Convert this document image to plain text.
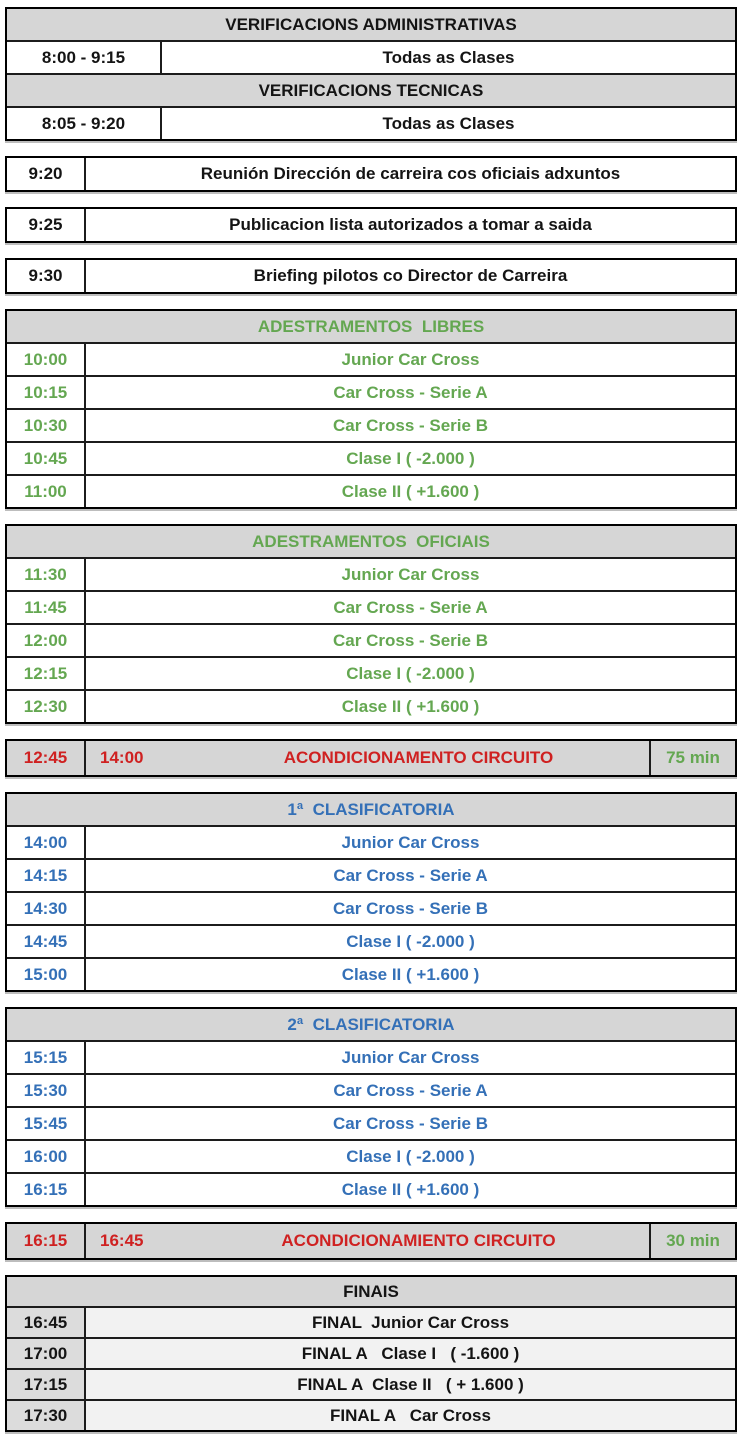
VERIFICACIONS ADMINISTRATIVAS
8:00 - 9:15	Todas as Clases
VERIFICACIONS TECNICAS
8:05 - 9:20	Todas as Clases
9:20	Reunión Dirección de carreira cos oficiais adxuntos
9:25	Publicacion lista autorizados a tomar a saida
9:30	Briefing pilotos co Director de Carreira
ADESTRAMENTOS  LIBRES
10:00	Junior Car Cross
10:15	Car Cross - Serie A
10:30	Car Cross - Serie B
10:45	Clase I ( -2.000 )
11:00	Clase II ( +1.600 )
ADESTRAMENTOS  OFICIAIS
11:30	Junior Car Cross
11:45	Car Cross - Serie A
12:00	Car Cross - Serie B
12:15	Clase I ( -2.000 )
12:30	Clase II ( +1.600 )
12:45	14:00	ACONDICIONAMENTO CIRCUITO	75 min
1ª  CLASIFICATORIA
14:00	Junior Car Cross
14:15	Car Cross - Serie A
14:30	Car Cross - Serie B
14:45	Clase I ( -2.000 )
15:00	Clase II ( +1.600 )
2ª  CLASIFICATORIA
15:15	Junior Car Cross
15:30	Car Cross - Serie A
15:45	Car Cross - Serie B
16:00	Clase I ( -2.000 )
16:15	Clase II ( +1.600 )
16:15	16:45	ACONDICIONAMIENTO CIRCUITO	30 min
FINAIS
16:45	FINAL  Junior Car Cross
17:00	FINAL A   Clase I   ( -1.600 )
17:15	FINAL A  Clase II   ( + 1.600 )
17:30	FINAL A   Car Cross
